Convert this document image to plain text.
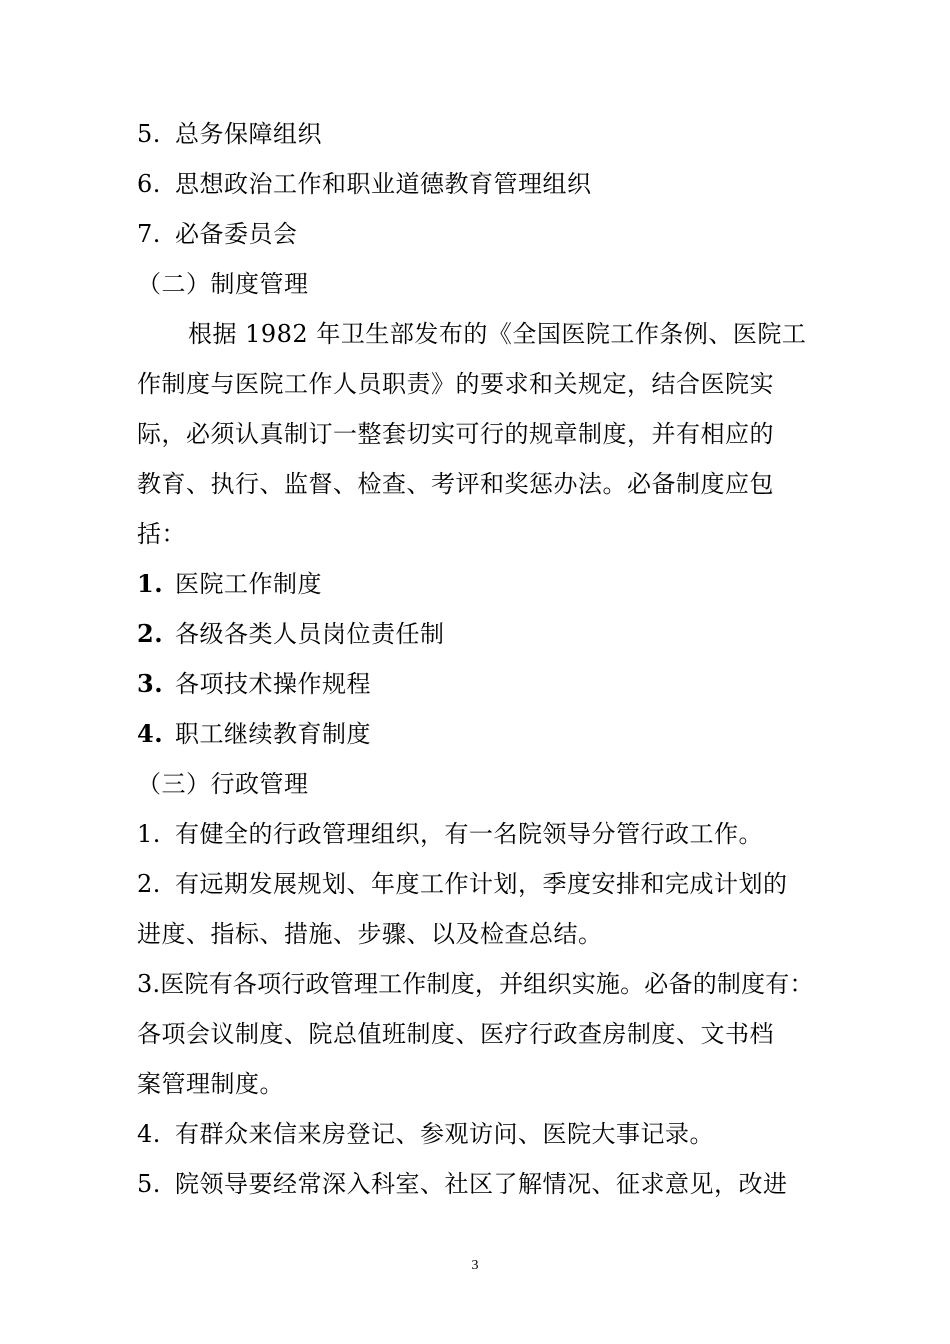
5. 总务保障组织
6. 思想政治工作和职业道德教育管理组织
7. 必备委员会
（二）制度管理
根据 1982 年卫生部发布的《全国医院工作条例、医院工
作制度与医院工作人员职责》的要求和关规定，结合医院实
际，必须认真制订一整套切实可行的规章制度，并有相应的
教育、执行、监督、检查、考评和奖惩办法。必备制度应包
括：
1. 医院工作制度
2. 各级各类人员岗位责任制
3. 各项技术操作规程
4. 职工继续教育制度
（三）行政管理
1. 有健全的行政管理组织，有一名院领导分管行政工作。
2. 有远期发展规划、年度工作计划，季度安排和完成计划的
进度、指标、措施、步骤、以及检查总结。
3.医院有各项行政管理工作制度，并组织实施。必备的制度有：
各项会议制度、院总值班制度、医疗行政查房制度、文书档
案管理制度。
4. 有群众来信来房登记、参观访问、医院大事记录。
5. 院领导要经常深入科室、社区了解情况、征求意见，改进
3
